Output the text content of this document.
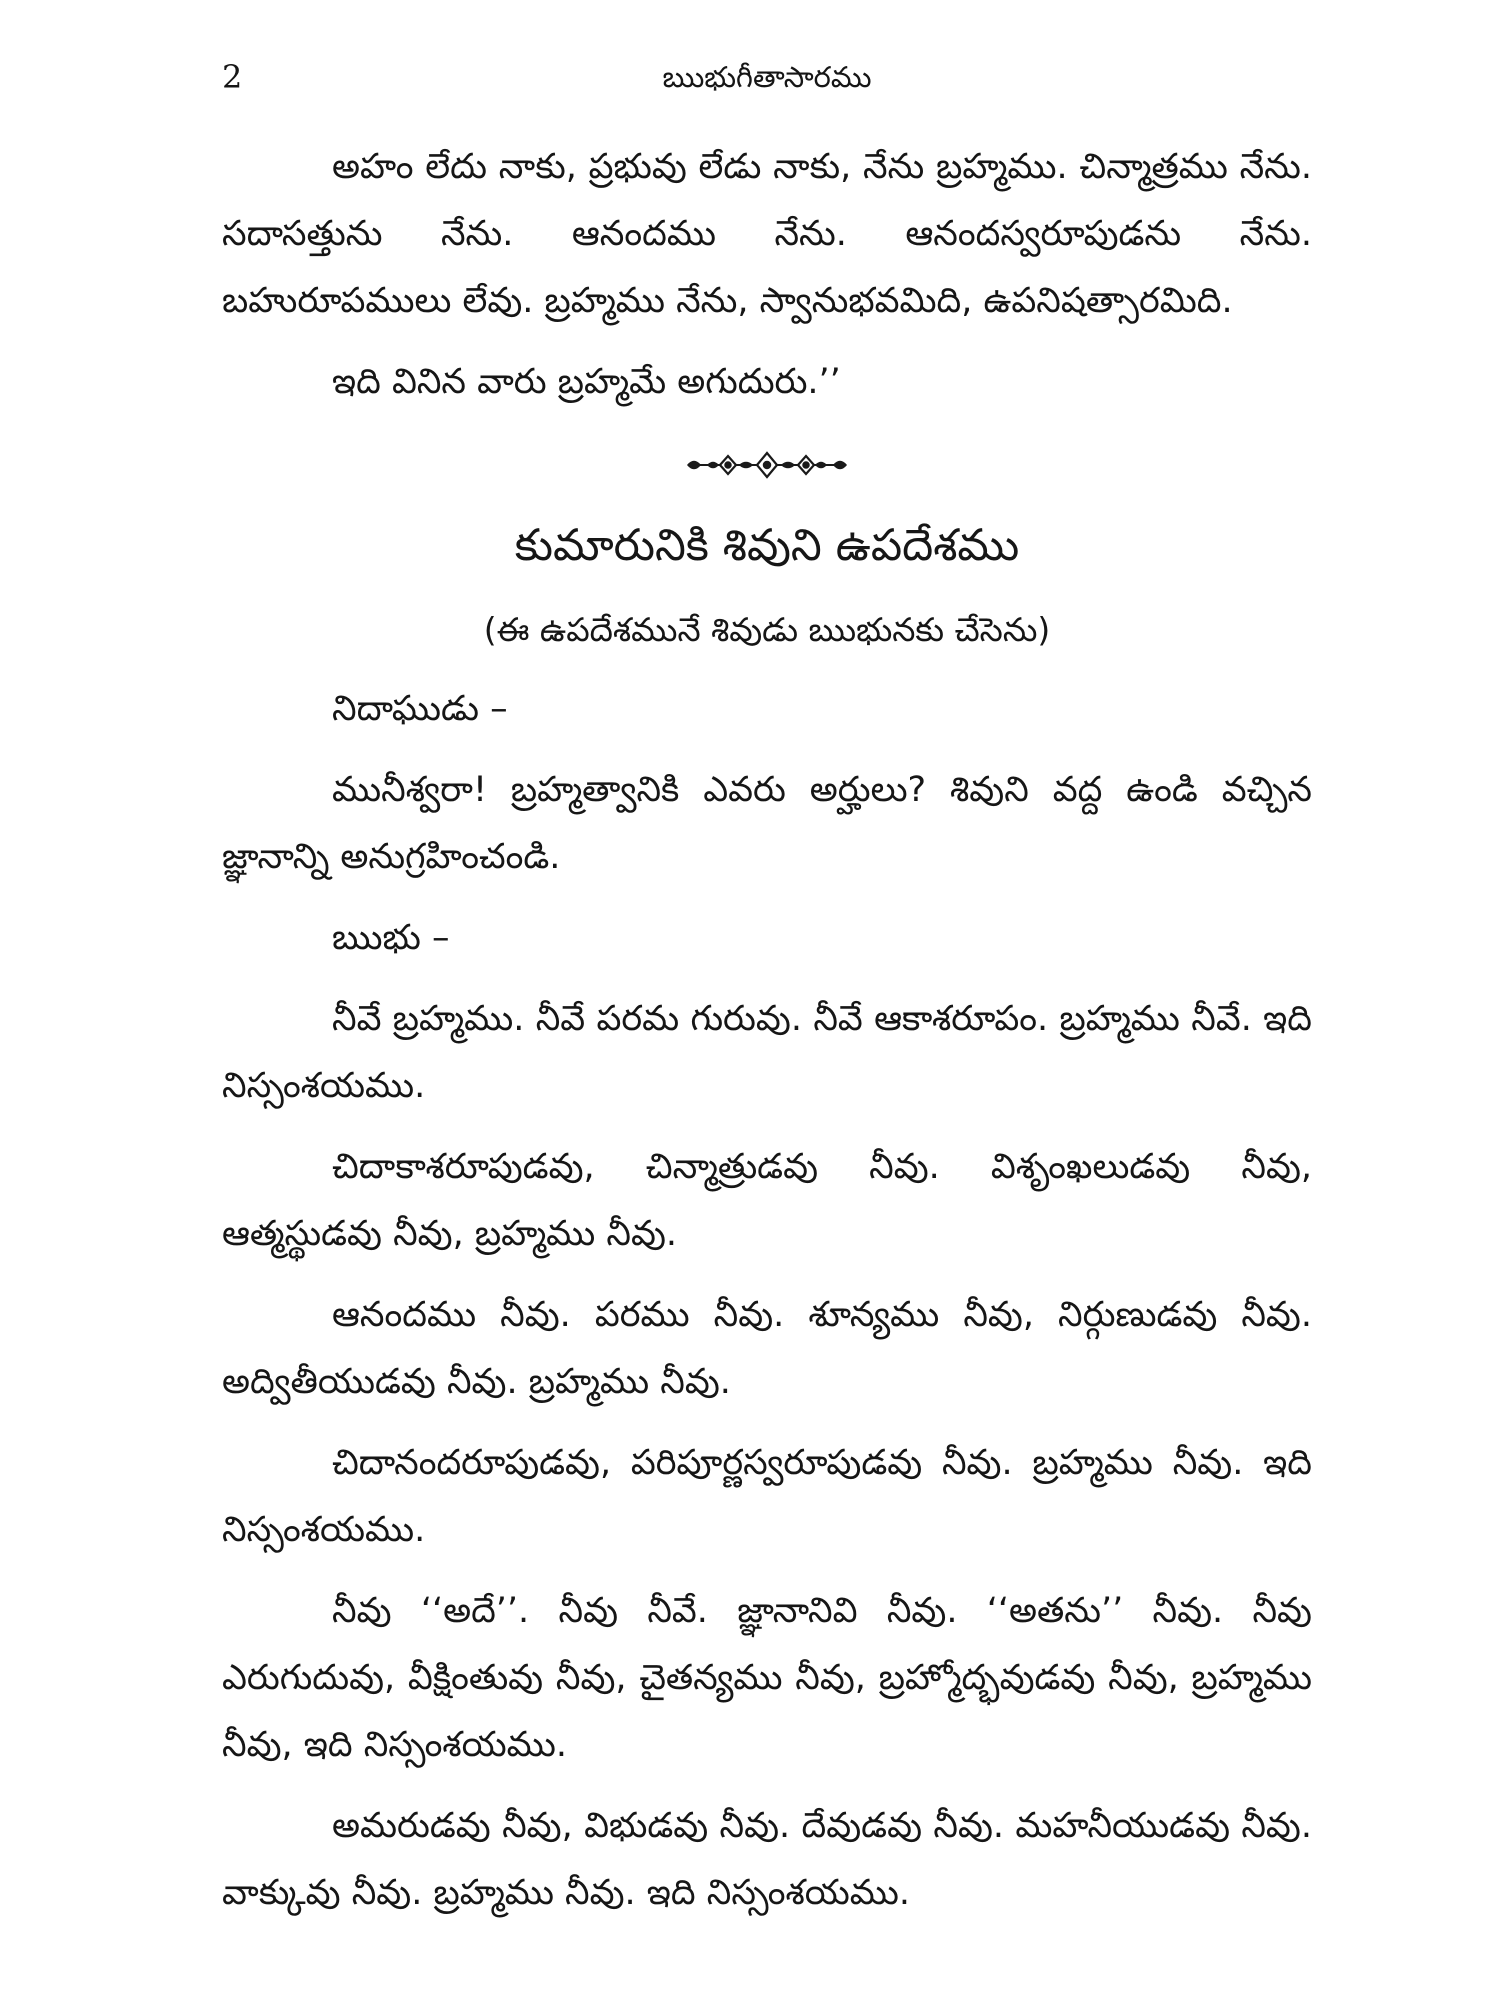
2	ఋభుగీతాసారము

అహం లేదు నాకు, ప్రభువు లేడు నాకు, నేను బ్రహ్మము. చిన్మాత్రము నేను. సదాసత్తును నేను. ఆనందము నేను. ఆనందస్వరూపుడను నేను. బహురూపములు లేవు. బ్రహ్మము నేను, స్వానుభవమిది, ఉపనిషత్సారమిది.

ఇది వినిన వారు బ్రహ్మమే అగుదురు.’’

కుమారునికి శివుని ఉపదేశము
(ఈ ఉపదేశమునే శివుడు ఋభునకు చేసెను)

నిదాఘుడు –

మునీశ్వరా! బ్రహ్మత్వానికి ఎవరు అర్హులు? శివుని వద్ద ఉండి వచ్చిన జ్ఞానాన్ని అనుగ్రహించండి.

ఋభు –

నీవే బ్రహ్మము. నీవే పరమ గురువు. నీవే ఆకాశరూపం. బ్రహ్మము నీవే. ఇది నిస్సంశయము.

చిదాకాశరూపుడవు, చిన్మాత్రుడవు నీవు. విశృంఖలుడవు నీవు, ఆత్మస్థుడవు నీవు, బ్రహ్మము నీవు.

ఆనందము నీవు. పరము నీవు. శూన్యము నీవు, నిర్గుణుడవు నీవు. అద్వితీయుడవు నీవు. బ్రహ్మము నీవు.

చిదానందరూపుడవు, పరిపూర్ణస్వరూపుడవు నీవు. బ్రహ్మము నీవు. ఇది నిస్సంశయము.

నీవు ‘‘అదే’’. నీవు నీవే. జ్ఞానానివి నీవు. ‘‘అతను’’ నీవు. నీవు ఎరుగుదువు, వీక్షింతువు నీవు, చైతన్యము నీవు, బ్రహ్మోద్భవుడవు నీవు, బ్రహ్మము నీవు, ఇది నిస్సంశయము.

అమరుడవు నీవు, విభుడవు నీవు. దేవుడవు నీవు. మహనీయుడవు నీవు. వాక్కువు నీవు. బ్రహ్మము నీవు. ఇది నిస్సంశయము.
